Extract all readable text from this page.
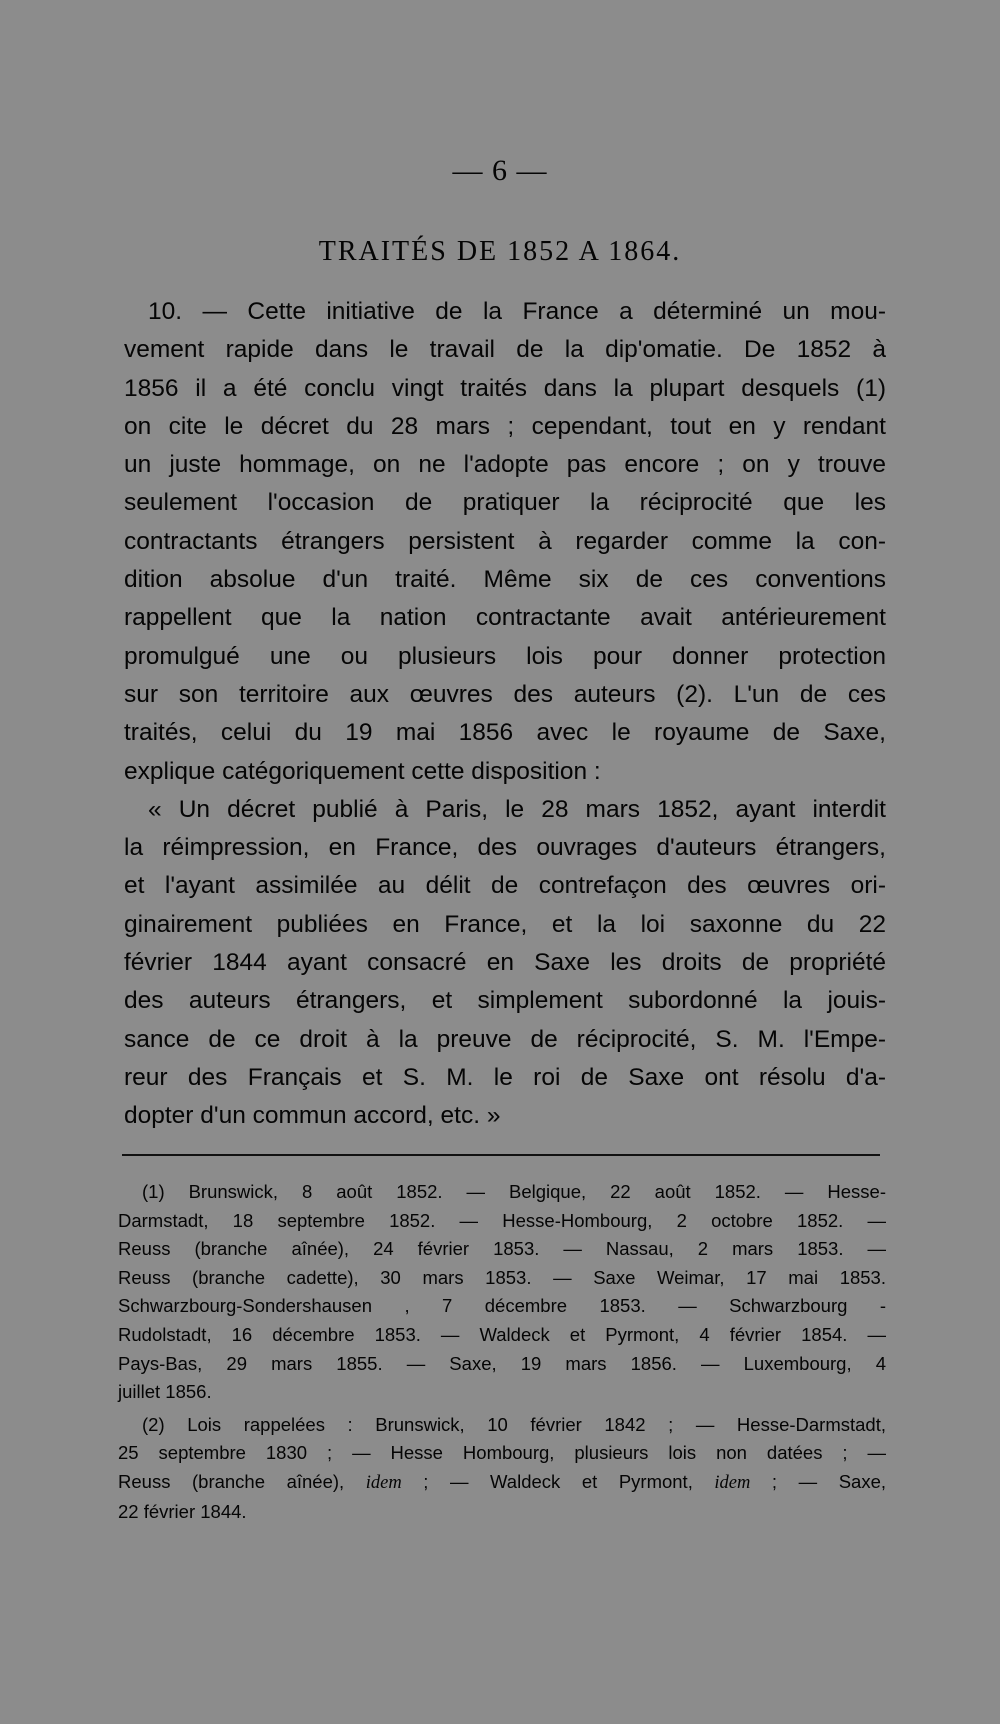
— 6 —
TRAITÉS DE 1852 A 1864.
10. — Cette initiative de la France a déterminé un mou-
vement rapide dans le travail de la dip'omatie. De 1852 à
1856 il a été conclu vingt traités dans la plupart desquels (1)
on cite le décret du 28 mars ; cependant, tout en y rendant
un juste hommage, on ne l'adopte pas encore ; on y trouve
seulement l'occasion de pratiquer la réciprocité que les
contractants étrangers persistent à regarder comme la con-
dition absolue d'un traité. Même six de ces conventions
rappellent que la nation contractante avait antérieurement
promulgué une ou plusieurs lois pour donner protection
sur son territoire aux œuvres des auteurs (2). L'un de ces
traités, celui du 19 mai 1856 avec le royaume de Saxe,
explique catégoriquement cette disposition :
« Un décret publié à Paris, le 28 mars 1852, ayant interdit
la réimpression, en France, des ouvrages d'auteurs étrangers,
et l'ayant assimilée au délit de contrefaçon des œuvres ori-
ginairement publiées en France, et la loi saxonne du 22
février 1844 ayant consacré en Saxe les droits de propriété
des auteurs étrangers, et simplement subordonné la jouis-
sance de ce droit à la preuve de réciprocité, S. M. l'Empe-
reur des Français et S. M. le roi de Saxe ont résolu d'a-
dopter d'un commun accord, etc. »
(1) Brunswick, 8 août 1852. — Belgique, 22 août 1852. — Hesse-
Darmstadt, 18 septembre 1852. — Hesse-Hombourg, 2 octobre 1852. —
Reuss (branche aînée), 24 février 1853. — Nassau, 2 mars 1853. —
Reuss (branche cadette), 30 mars 1853. — Saxe Weimar, 17 mai 1853.
Schwarzbourg-Sondershausen , 7 décembre 1853. — Schwarzbourg -
Rudolstadt, 16 décembre 1853. — Waldeck et Pyrmont, 4 février 1854. —
Pays-Bas, 29 mars 1855. — Saxe, 19 mars 1856. — Luxembourg, 4
juillet 1856.
(2) Lois rappelées : Brunswick, 10 février 1842 ; — Hesse-Darmstadt,
25 septembre 1830 ; — Hesse Hombourg, plusieurs lois non datées ; —
Reuss (branche aînée), idem ; — Waldeck et Pyrmont, idem ; — Saxe,
22 février 1844.
